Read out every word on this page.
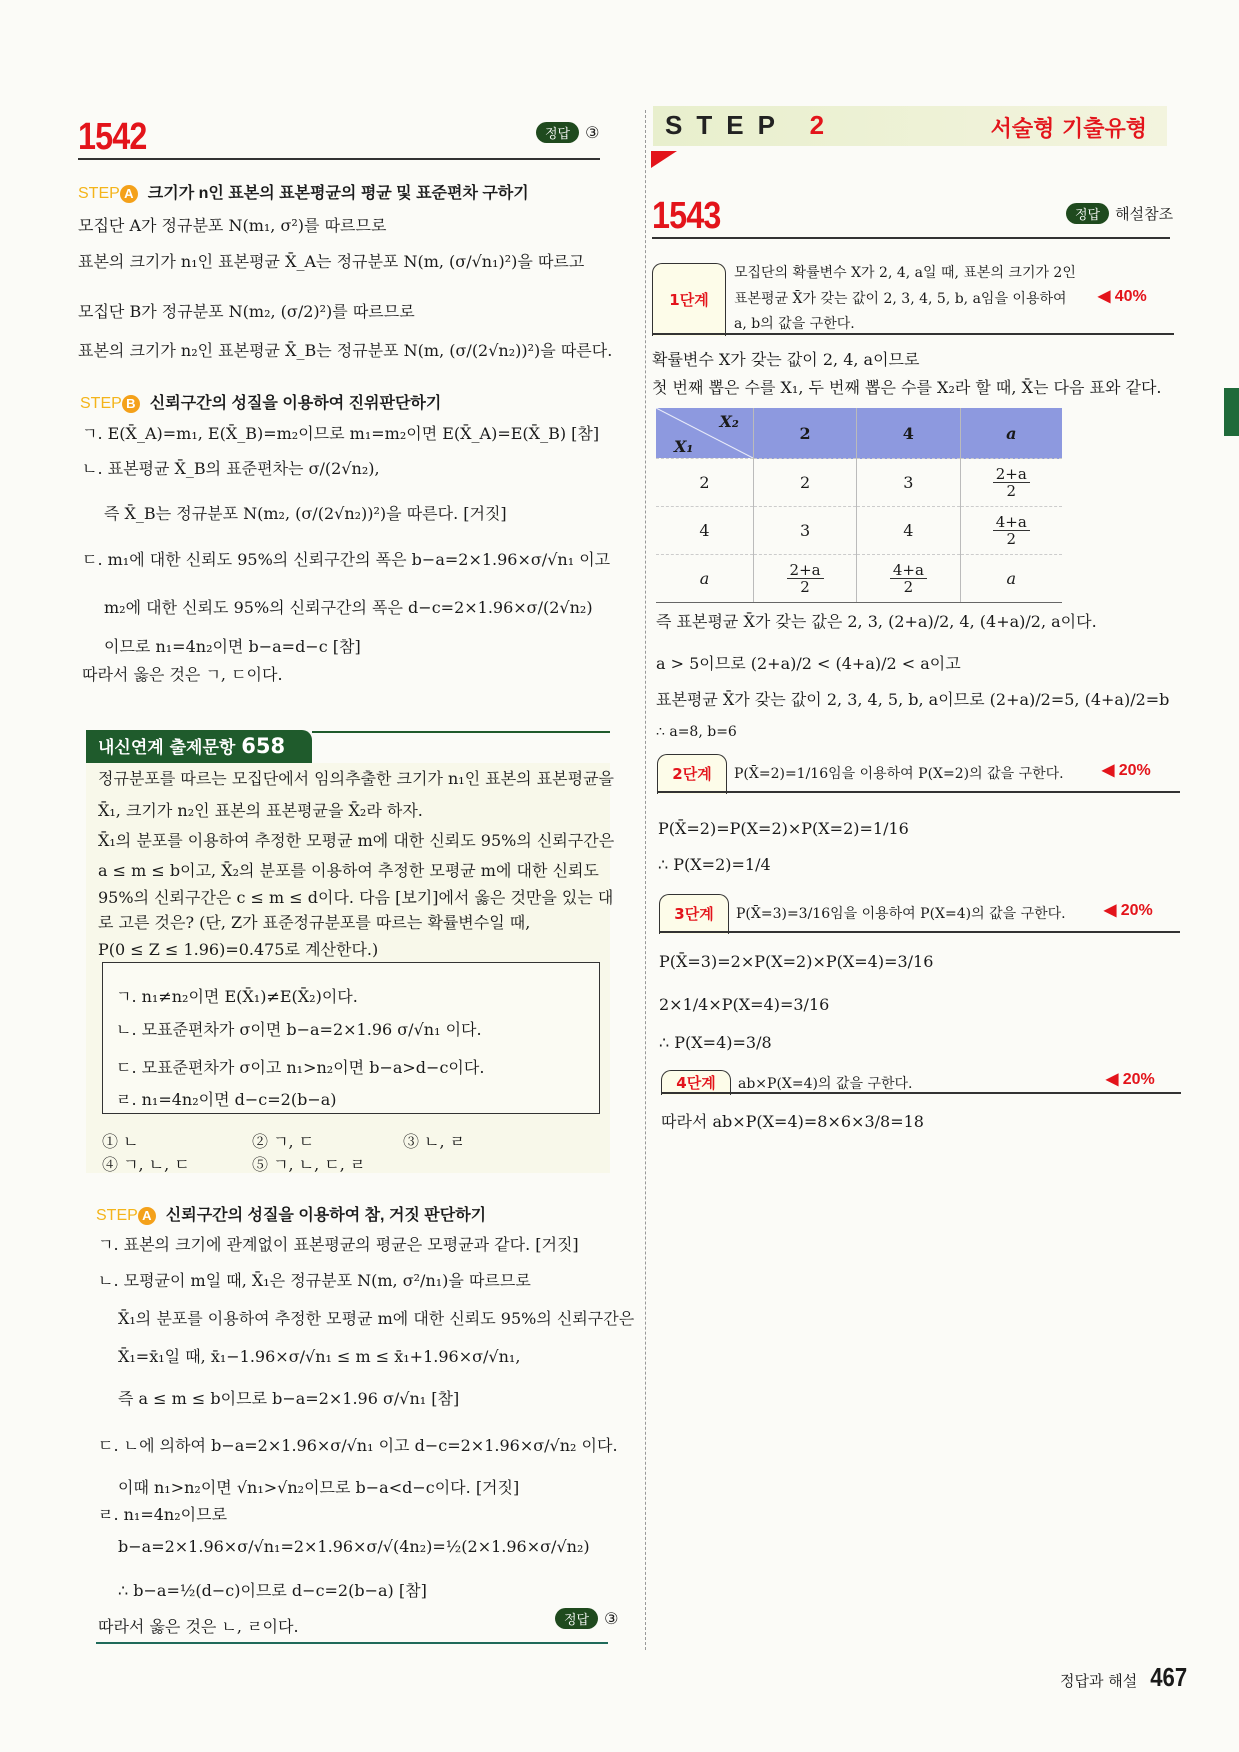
1542	정답 ③
STEP A 크기가 n인 표본의 표본평균의 평균 및 표준편차 구하기
모집단 A가 정규분포 N(m₁, σ²)를 따르므로
표본의 크기가 n₁인 표본평균 X̄_A는 정규분포 N(m, (σ/√n₁)²)을 따르고
모집단 B가 정규분포 N(m₂, (σ/2)²)를 따르므로
표본의 크기가 n₂인 표본평균 X̄_B는 정규분포 N(m, (σ/(2√n₂))²)을 따른다.
STEP B 신뢰구간의 성질을 이용하여 진위판단하기
ㄱ. E(X̄_A)=m₁, E(X̄_B)=m₂이므로 m₁=m₂이면 E(X̄_A)=E(X̄_B) [참]
ㄴ. 표본평균 X̄_B의 표준편차는 σ/(2√n₂),
즉 X̄_B는 정규분포 N(m₂, (σ/(2√n₂))²)을 따른다. [거짓]
ㄷ. m₁에 대한 신뢰도 95%의 신뢰구간의 폭은 b−a=2×1.96×σ/√n₁ 이고
m₂에 대한 신뢰도 95%의 신뢰구간의 폭은 d−c=2×1.96×σ/(2√n₂)
이므로 n₁=4n₂이면 b−a=d−c [참]
따라서 옳은 것은 ㄱ, ㄷ이다.
내신연계 출제문항 658
정규분포를 따르는 모집단에서 임의추출한 크기가 n₁인 표본의 표본평균을
X̄₁, 크기가 n₂인 표본의 표본평균을 X̄₂라 하자.
X̄₁의 분포를 이용하여 추정한 모평균 m에 대한 신뢰도 95%의 신뢰구간은
a ≤ m ≤ b이고, X̄₂의 분포를 이용하여 추정한 모평균 m에 대한 신뢰도
95%의 신뢰구간은 c ≤ m ≤ d이다. 다음 [보기]에서 옳은 것만을 있는 대
로 고른 것은? (단, Z가 표준정규분포를 따르는 확률변수일 때,
P(0 ≤ Z ≤ 1.96)=0.475로 계산한다.)
ㄱ. n₁≠n₂이면 E(X̄₁)≠E(X̄₂)이다.
ㄴ. 모표준편차가 σ이면 b−a=2×1.96 σ/√n₁ 이다.
ㄷ. 모표준편차가 σ이고 n₁>n₂이면 b−a>d−c이다.
ㄹ. n₁=4n₂이면 d−c=2(b−a)
① ㄴ	② ㄱ, ㄷ	③ ㄴ, ㄹ
④ ㄱ, ㄴ, ㄷ	⑤ ㄱ, ㄴ, ㄷ, ㄹ
STEP A 신뢰구간의 성질을 이용하여 참, 거짓 판단하기
ㄱ. 표본의 크기에 관계없이 표본평균의 평균은 모평균과 같다. [거짓]
ㄴ. 모평균이 m일 때, X̄₁은 정규분포 N(m, σ²/n₁)을 따르므로
X̄₁의 분포를 이용하여 추정한 모평균 m에 대한 신뢰도 95%의 신뢰구간은
X̄₁=x̄₁일 때, x̄₁−1.96×σ/√n₁ ≤ m ≤ x̄₁+1.96×σ/√n₁,
즉 a ≤ m ≤ b이므로 b−a=2×1.96 σ/√n₁ [참]
ㄷ. ㄴ에 의하여 b−a=2×1.96×σ/√n₁ 이고 d−c=2×1.96×σ/√n₂ 이다.
이때 n₁>n₂이면 √n₁>√n₂이므로 b−a<d−c이다. [거짓]
ㄹ. n₁=4n₂이므로
b−a=2×1.96×σ/√n₁=2×1.96×σ/√(4n₂)=½(2×1.96×σ/√n₂)
∴ b−a=½(d−c)이므로 d−c=2(b−a) [참]
따라서 옳은 것은 ㄴ, ㄹ이다.	정답 ③
STEP 2	서술형 기출유형
1543	정답 해설참조
1단계
모집단의 확률변수 X가 2, 4, a일 때, 표본의 크기가 2인
표본평균 X̄가 갖는 값이 2, 3, 4, 5, b, a임을 이용하여
a, b의 값을 구한다.
◀ 40%
확률변수 X가 갖는 값이 2, 4, a이므로
첫 번째 뽑은 수를 X₁, 두 번째 뽑은 수를 X₂라 할 때, X̄는 다음 표와 같다.
X₂
X₁	2	4	a
2	2	3	$\frac{2+a}{2}$

4	3	4	$\frac{4+a}{2}$

a	$\frac{2+a}{2}$	$\frac{4+a}{2}$	a
즉 표본평균 X̄가 갖는 값은 2, 3, (2+a)/2, 4, (4+a)/2, a이다.
a > 5이므로 (2+a)/2 < (4+a)/2 < a이고
표본평균 X̄가 갖는 값이 2, 3, 4, 5, b, a이므로 (2+a)/2=5, (4+a)/2=b
∴ a=8, b=6
2단계	P(X̄=2)=1/16임을 이용하여 P(X=2)의 값을 구한다. ◀ 20%
P(X̄=2)=P(X=2)×P(X=2)=1/16
∴ P(X=2)=1/4
3단계	P(X̄=3)=3/16임을 이용하여 P(X=4)의 값을 구한다. ◀ 20%
P(X̄=3)=2×P(X=2)×P(X=4)=3/16
2×1/4×P(X=4)=3/16
∴ P(X=4)=3/8
4단계	ab×P(X=4)의 값을 구한다.	◀ 20%
따라서 ab×P(X=4)=8×6×3/8=18
정답과 해설 467
